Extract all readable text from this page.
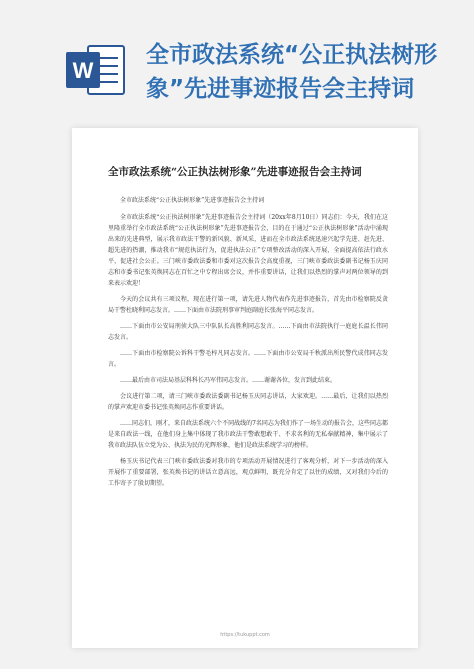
W
全市政法系统“公正执法树形象”先进事迹报告会主持词
全市政法系统“公正执法树形象”先进事迹报告会主持词
全市政法系统“公正执法树形象”先进事迹报告会主持词

全市政法系统“公正执法树形象”先进事迹报告会主持词（20xx年8月10日）同志们：今天，我们在这里隆重举行全市政法系统“公正执法树形象”先进事迹报告会，目的在于通过“公正执法树形象”活动中涌现出来的先进典型，展示我市政法干警的新风貌、新风采，进而在全市政法系统迅速兴起学先进、赶先进、超先进的热潮，推动我市“规范执法行为，促进执法公正”专项整改活动的深入开展，全面提高依法行政水平，促进社会公正。三门峡市委政法委和市委对这次报告会高度重视，三门峡市委政法委副书记杨玉庆同志和市委书记张英焕同志在百忙之中专程出席会议，并作重要讲话，让我们以热烈的掌声对两位领导的到来表示欢迎！

今天的会议共有三项议程，现在进行第一项，请先进人物代表作先进事迹报告，首先由市检察院反贪局干警杜晓利同志发言。……下面由市法院刑事审判庭副庭长张海平同志发言。

……下面由市公安局刑侦大队三中队队长高胜利同志发言。……下面由市法院执行一庭庭长温长伟同志发言。

……下面由市检察院公诉科干警毛梓凡同志发言。……下面由市公安局千秋派出所民警代成伟同志发言。

……最后由市司法局基层科科长冯军伟同志发言。……谢谢各位，发言到此结束。

会议进行第二项，请三门峡市委政法委副书记杨玉庆同志讲话，大家欢迎。……最后，让我们以热烈的掌声欢迎市委书记张英焕同志作重要讲话。

……同志们，刚才，来自政法系统六个不同战线的7名同志为我们作了一场生动的报告会，这些同志都是来自政法一线，在他们身上集中体现了我市政法干警敢想敢干、不求名利的无私奉献精神，集中展示了我市政法队伍立党为公、执法为民的光辉形象，他们是政法系统学习的榜样。

杨玉庆书记代表三门峡市委政法委对我市的专项活动开展情况进行了客观分析，对下一步活动的深入开展作了重要部署，张英焕书记的讲话立意高远，观点鲜明，既充分肯定了以往的成绩，又对我们今后的工作寄予了殷切期望。

https://tukuppt.com
